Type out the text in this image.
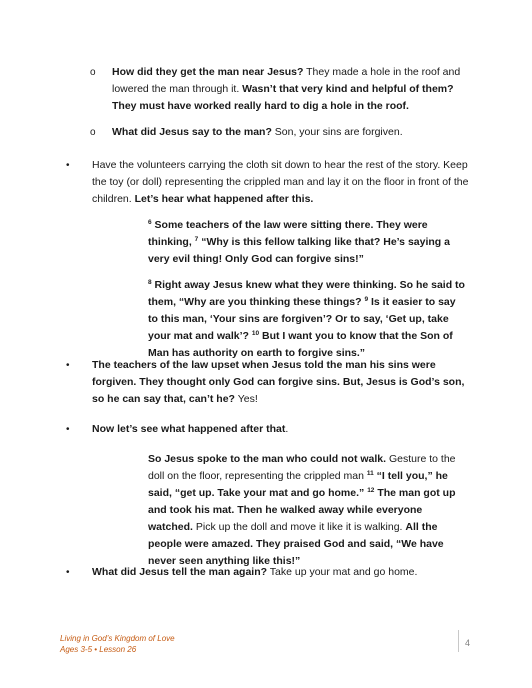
o How did they get the man near Jesus? They made a hole in the roof and lowered the man through it. Wasn’t that very kind and helpful of them? They must have worked really hard to dig a hole in the roof.
o What did Jesus say to the man? Son, your sins are forgiven.
• Have the volunteers carrying the cloth sit down to hear the rest of the story. Keep the toy (or doll) representing the crippled man and lay it on the floor in front of the children. Let’s hear what happened after this.

$^6$ Some teachers of the law were sitting there. They were thinking, $^7$ “Why is this fellow talking like that? He’s saying a very evil thing! Only God can forgive sins!”

$^8$ Right away Jesus knew what they were thinking. So he said to them, “Why are you thinking these things? $^9$ Is it easier to say to this man, ‘Your sins are forgiven’? Or to say, ‘Get up, take your mat and walk’? $^{10}$ But I want you to know that the Son of Man has authority on earth to forgive sins.”

• The teachers of the law upset when Jesus told the man his sins were forgiven. They thought only God can forgive sins. But, Jesus is God’s son, so he can say that, can’t he? Yes!
• Now let’s see what happened after that.

So Jesus spoke to the man who could not walk. Gesture to the doll on the floor, representing the crippled man $^{11}$ “I tell you,” he said, “get up. Take your mat and go home.” $^{12}$ The man got up and took his mat. Then he walked away while everyone watched. Pick up the doll and move it like it is walking. All the people were amazed. They praised God and said, “We have never seen anything like this!”

• What did Jesus tell the man again? Take up your mat and go home.
Living in God’s Kingdom of Love
Ages 3-5 • Lesson 26
4
